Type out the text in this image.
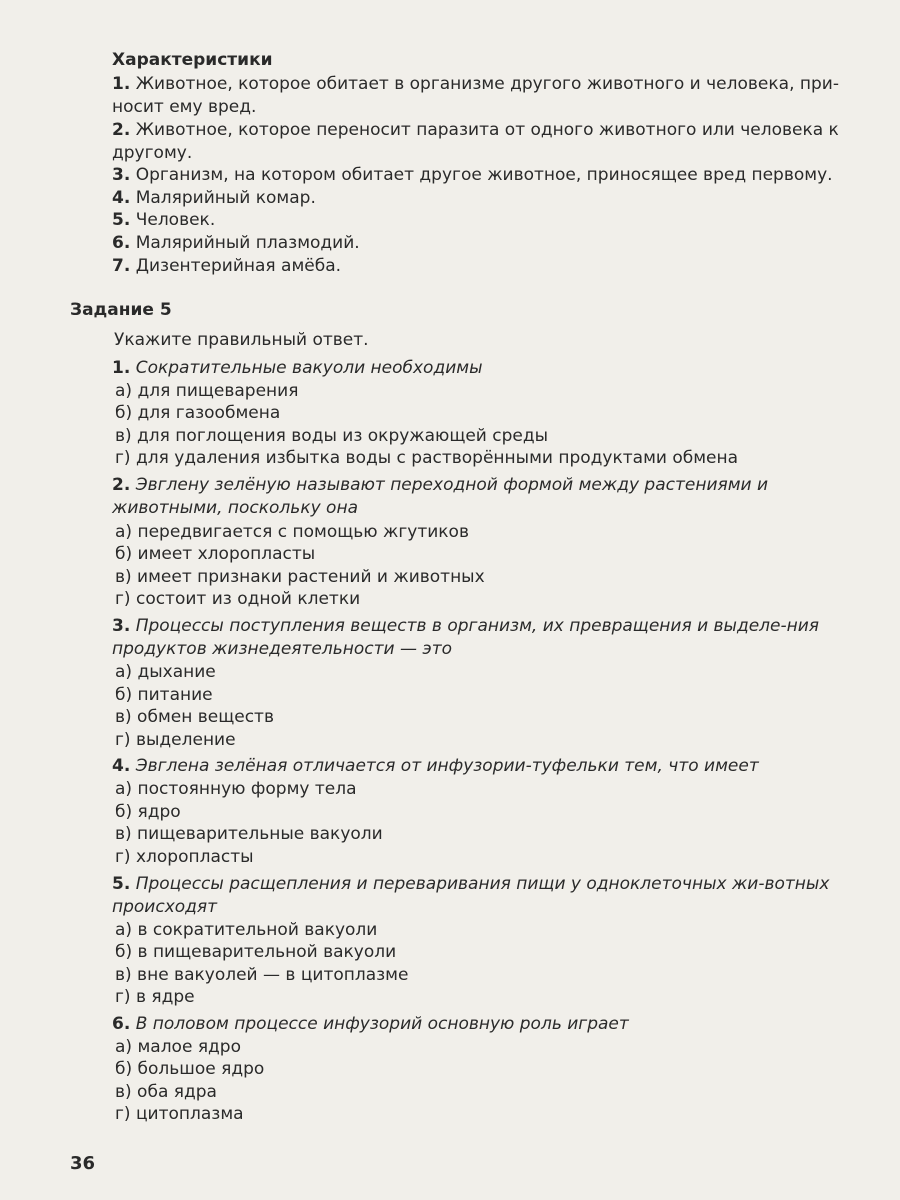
Характеристики
1. Животное, которое обитает в организме другого животного и человека, при-носит ему вред.
2. Животное, которое переносит паразита от одного животного или человека к другому.
3. Организм, на котором обитает другое животное, приносящее вред первому.
4. Малярийный комар.
5. Человек.
6. Малярийный плазмодий.
7. Дизентерийная амёба.
Задание 5
Укажите правильный ответ.
1. Сократительные вакуоли необходимы
а) для пищеварения
б) для газообмена
в) для поглощения воды из окружающей среды
г) для удаления избытка воды с растворёнными продуктами обмена
2. Эвглену зелёную называют переходной формой между растениями и животными, поскольку она
а) передвигается с помощью жгутиков
б) имеет хлоропласты
в) имеет признаки растений и животных
г) состоит из одной клетки
3. Процессы поступления веществ в организм, их превращения и выделе-ния продуктов жизнедеятельности — это
а) дыхание
б) питание
в) обмен веществ
г) выделение
4. Эвглена зелёная отличается от инфузории-туфельки тем, что имеет
а) постоянную форму тела
б) ядро
в) пищеварительные вакуоли
г) хлоропласты
5. Процессы расщепления и переваривания пищи у одноклеточных жи-вотных происходят
а) в сократительной вакуоли
б) в пищеварительной вакуоли
в) вне вакуолей — в цитоплазме
г) в ядре
6. В половом процессе инфузорий основную роль играет
а) малое ядро
б) большое ядро
в) оба ядра
г) цитоплазма
36
